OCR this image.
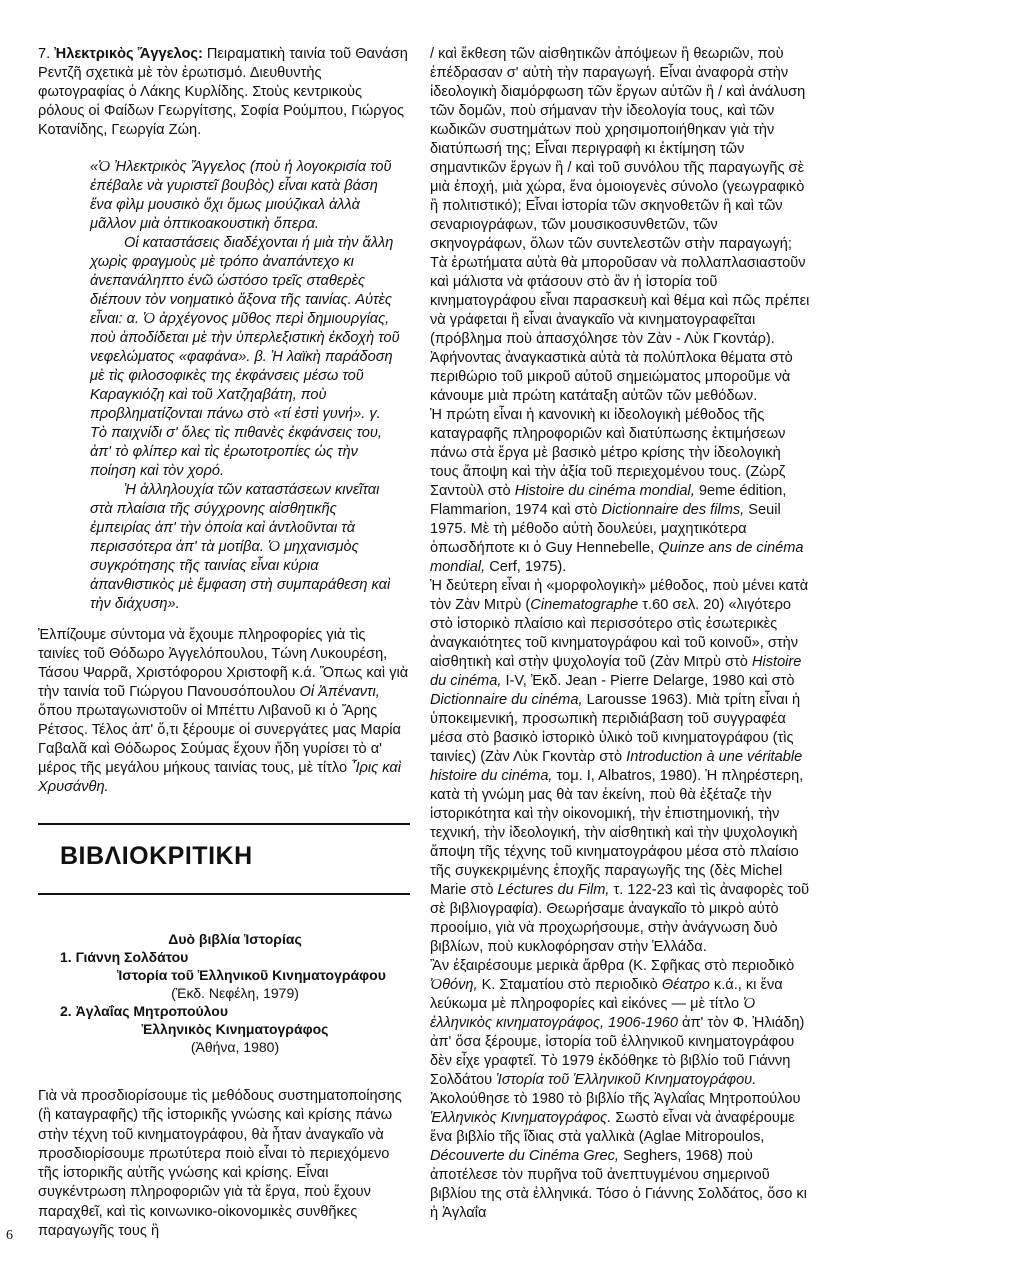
7. Ἠλεκτρικὸς Ἄγγελος: Πειραματικὴ ταινία τοῦ Θανάση Ρεντζῆ σχετικὰ μὲ τὸν ἐρωτισμό. Διευθυντὴς φωτογραφίας ὁ Λάκης Κυρλίδης. Στοὺς κεντρικοὺς ρόλους οἱ Φαίδων Γεωργίτσης, Σοφία Ρούμπου, Γιώργος Κοτανίδης, Γεωργία Ζώη.

«Ὁ Ἠλεκτρικὸς Ἄγγελος (ποὺ ἡ λογοκρισία τοῦ ἐπέβαλε νὰ γυριστεῖ βουβὸς) εἶναι κατὰ βάση ἕνα φὶλμ μουσικὸ ὄχι ὅμως μιούζικαλ ἀλλὰ μᾶλλον μιὰ ὀπτικοακουστικὴ ὄπερα.

Οἱ καταστάσεις διαδέχονται ἡ μιὰ τὴν ἄλλη χωρὶς φραγμοὺς μὲ τρόπο ἀναπάντεχο κι ἀνεπανάληπτο ἐνῶ ὡστόσο τρεῖς σταθερὲς διέπουν τὸν νοηματικὸ ἄξονα τῆς ταινίας. Αὐτὲς εἶναι: α. Ὁ ἀρχέγονος μῦθος περὶ δημιουργίας, ποὺ ἀποδίδεται μὲ τὴν ὑπερλεξιστικὴ ἐκδοχὴ τοῦ νεφελώματος «φαφάνα». β. Ἡ λαϊκὴ παράδοση μὲ τὶς φιλοσοφικὲς της ἐκφάνσεις μέσω τοῦ Καραγκιόζη καὶ τοῦ Χατζηαβάτη, ποὺ προβληματίζονται πάνω στὸ «τί ἐστὶ γυνή». γ. Τὸ παιχνίδι σ' ὅλες τὶς πιθανὲς ἐκφάνσεις του, ἀπ' τὸ φλίπερ καὶ τὶς ἐρωτοτροπίες ὡς τὴν ποίηση καὶ τὸν χορό.

Ἡ ἀλληλουχία τῶν καταστάσεων κινεῖται στὰ πλαίσια τῆς σύγχρονης αἰσθητικῆς ἐμπειρίας ἀπ' τὴν ὁποία καὶ ἀντλοῦνται τὰ περισσότερα ἀπ' τὰ μοτίβα. Ὁ μηχανισμὸς συγκρότησης τῆς ταινίας εἶναι κύρια ἀπανθιστικὸς μὲ ἔμφαση στὴ συμπαράθεση καὶ τὴν διάχυση».

Ἐλπίζουμε σύντομα νὰ ἔχουμε πληροφορίες γιὰ τὶς ταινίες τοῦ Θόδωρο Ἀγγελόπουλου, Τώνη Λυκουρέση, Τάσου Ψαρρᾶ, Χριστόφορου Χριστοφῆ κ.ά. Ὅπως καὶ γιὰ τὴν ταινία τοῦ Γιώργου Πανουσόπουλου Οἱ Ἀπέναντι, ὅπου πρωταγωνιστοῦν οἱ Μπέττυ Λιβανοῦ κι ὁ Ἄρης Ρέτσος. Τέλος ἀπ' ὅ,τι ξέρουμε οἱ συνεργάτες μας Μαρία Γαβαλᾶ καὶ Θόδωρος Σούμας ἔχουν ἤδη γυρίσει τὸ α' μέρος τῆς μεγάλου μήκους ταινίας τους, μὲ τίτλο Ἶρις καὶ Χρυσάνθη.

ΒΙΒΛΙΟΚΡΙΤΙΚΗ
Δυὸ βιβλία Ἱστορίας
1. Γιάννη Σολδάτου
Ἱστορία τοῦ Ἑλληνικοῦ Κινηματογράφου
(Ἐκδ. Νεφέλη, 1979)
2. Ἀγλαΐας Μητροπούλου
Ἑλληνικὸς Κινηματογράφος
(Ἀθήνα, 1980)
Γιὰ νὰ προσδιορίσουμε τὶς μεθόδους συστηματοποίησης (ἢ καταγραφῆς) τῆς ἱστορικῆς γνώσης καὶ κρίσης πάνω στὴν τέχνη τοῦ κινηματογράφου, θὰ ἦταν ἀναγκαῖο νὰ προσδιορίσουμε πρωτύτερα ποιὸ εἶναι τὸ περιεχόμενο τῆς ἱστορικῆς αὐτῆς γνώσης καὶ κρίσης. Εἶναι συγκέντρωση πληροφοριῶν γιὰ τὰ ἔργα, ποὺ ἔχουν παραχθεῖ, καὶ τὶς κοινωνικο-οἰκονομικὲς συνθῆκες παραγωγῆς τους ἢ
6

/ καὶ ἔκθεση τῶν αἰσθητικῶν ἀπόψεων ἢ θεωριῶν, ποὺ ἐπέδρασαν σ' αὐτὴ τὴν παραγωγή. Εἶναι ἀναφορὰ στὴν ἰδεολογικὴ διαμόρφωση τῶν ἔργων αὐτῶν ἢ / καὶ ἀνάλυση τῶν δομῶν, ποὺ σήμαναν τὴν ἰδεολογία τους, καὶ τῶν κωδικῶν συστημάτων ποὺ χρησιμοποιήθηκαν γιὰ τὴν διατύπωσή της; Εἶναι περιγραφὴ κι ἐκτίμηση τῶν σημαντικῶν ἔργων ἢ / καὶ τοῦ συνόλου τῆς παραγωγῆς σὲ μιὰ ἐποχή, μιὰ χώρα, ἕνα ὁμοιογενὲς σύνολο (γεωγραφικὸ ἢ πολιτιστικό); Εἶναι ἱστορία τῶν σκηνοθετῶν ἢ καὶ τῶν σεναριογράφων, τῶν μουσικοσυνθετῶν, τῶν σκηνογράφων, ὅλων τῶν συντελεστῶν στὴν παραγωγή; Τὰ ἐρωτήματα αὐτὰ θὰ μποροῦσαν νὰ πολλαπλασιαστοῦν καὶ μάλιστα νὰ φτάσουν στὸ ἂν ἡ ἱστορία τοῦ κινηματογράφου εἶναι παρασκευὴ καὶ θέμα καὶ πῶς πρέπει νὰ γράφεται ἢ εἶναι ἀναγκαῖο νὰ κινηματογραφεῖται (πρόβλημα ποὺ ἀπασχόλησε τὸν Ζὰν - Λὺκ Γκοντάρ).

Ἀφήνοντας ἀναγκαστικὰ αὐτὰ τὰ πολύπλοκα θέματα στὸ περιθώριο τοῦ μικροῦ αὐτοῦ σημειώματος μποροῦμε νὰ κάνουμε μιὰ πρώτη κατάταξη αὐτῶν τῶν μεθόδων.

Ἡ πρώτη εἶναι ἡ κανονικὴ κι ἰδεολογικὴ μέθοδος τῆς καταγραφῆς πληροφοριῶν καὶ διατύπωσης ἐκτιμήσεων πάνω στὰ ἔργα μὲ βασικὸ μέτρο κρίσης τὴν ἰδεολογικὴ τους ἄποψη καὶ τὴν ἀξία τοῦ περιεχομένου τους. (Ζὼρζ Σαντοὺλ στὸ Histoire du cinéma mondial, 9eme édition, Flammarion, 1974 καὶ στὸ Dictionnaire des films, Seuil 1975. Μὲ τὴ μέθοδο αὐτὴ δουλεύει, μαχητικότερα ὁπωσδήποτε κι ὁ Guy Hennebelle, Quinze ans de cinéma mondial, Cerf, 1975).

Ἡ δεύτερη εἶναι ἡ «μορφολογικὴ» μέθοδος, ποὺ μένει κατὰ τὸν Ζὰν Μιτρὺ (Cinematographe τ.60 σελ. 20) «λιγότερο στὸ ἱστορικὸ πλαίσιο καὶ περισσότερο στὶς ἐσωτερικὲς ἀναγκαιότητες τοῦ κινηματογράφου καὶ τοῦ κοινοῦ», στὴν αἰσθητικὴ καὶ στὴν ψυχολογία τοῦ (Ζὰν Μιτρὺ στὸ Histoire du cinéma, I-V, Ἐκδ. Jean - Pierre Delarge, 1980 καὶ στὸ Dictionnaire du cinéma, Larousse 1963). Μιὰ τρίτη εἶναι ἡ ὑποκειμενική, προσωπικὴ περιδιάβαση τοῦ συγγραφέα μέσα στὸ βασικὸ ἱστορικὸ ὑλικὸ τοῦ κινηματογράφου (τὶς ταινίες) (Ζὰν Λὺκ Γκοντὰρ στὸ Introduction à une véritable histoire du cinéma, τομ. I, Albatros, 1980). Ἡ πληρέστερη, κατὰ τὴ γνώμη μας θὰ ταν ἐκείνη, ποὺ θὰ ἐξέταζε τὴν ἱστορικότητα καὶ τὴν οἰκονομική, τὴν ἐπιστημονική, τὴν τεχνική, τὴν ἰδεολογική, τὴν αἰσθητικὴ καὶ τὴν ψυχολογικὴ ἄποψη τῆς τέχνης τοῦ κινηματογράφου μέσα στὸ πλαίσιο τῆς συγκεκριμένης ἐποχῆς παραγωγῆς της (δὲς Michel Marie στὸ Léctures du Film, τ. 122-23 καὶ τὶς ἀναφορὲς τοῦ σὲ βιβλιογραφία). Θεωρήσαμε ἀναγκαῖο τὸ μικρὸ αὐτὸ προοίμιο, γιὰ νὰ προχωρήσουμε, στὴν ἀνάγνωση δυὸ βιβλίων, ποὺ κυκλοφόρησαν στὴν Ἑλλάδα.

Ἂν ἐξαιρέσουμε μερικὰ ἄρθρα (Κ. Σφῆκας στὸ περιοδικὸ Ὀθόνη, Κ. Σταματίου στὸ περιοδικὸ Θέατρο κ.ά., κι ἕνα λεύκωμα μὲ πληροφορίες καὶ εἰκόνες — μὲ τίτλο Ὁ ἑλληνικὸς κινηματογράφος, 1906-1960 ἀπ' τὸν Φ. Ἠλιάδη) ἀπ' ὅσα ξέρουμε, ἱστορία τοῦ ἑλληνικοῦ κινηματογράφου δὲν εἶχε γραφτεῖ. Τὸ 1979 ἐκδόθηκε τὸ βιβλίο τοῦ Γιάννη Σολδάτου Ἱστορία τοῦ Ἑλληνικοῦ Κινηματογράφου. Ἀκολούθησε τὸ 1980 τὸ βιβλίο τῆς Ἀγλαΐας Μητροπούλου Ἑλληνικὸς Κινηματογράφος. Σωστὸ εἶναι νὰ ἀναφέρουμε ἕνα βιβλίο τῆς ἴδιας στὰ γαλλικὰ (Aglae Mitropoulos, Découverte du Cinéma Grec, Seghers, 1968) ποὺ ἀποτέλεσε τὸν πυρῆνα τοῦ ἀνεπτυγμένου σημερινοῦ βιβλίου της στὰ ἑλληνικά. Τόσο ὁ Γιάννης Σολδάτος, ὅσο κι ἡ Ἀγλαΐα
